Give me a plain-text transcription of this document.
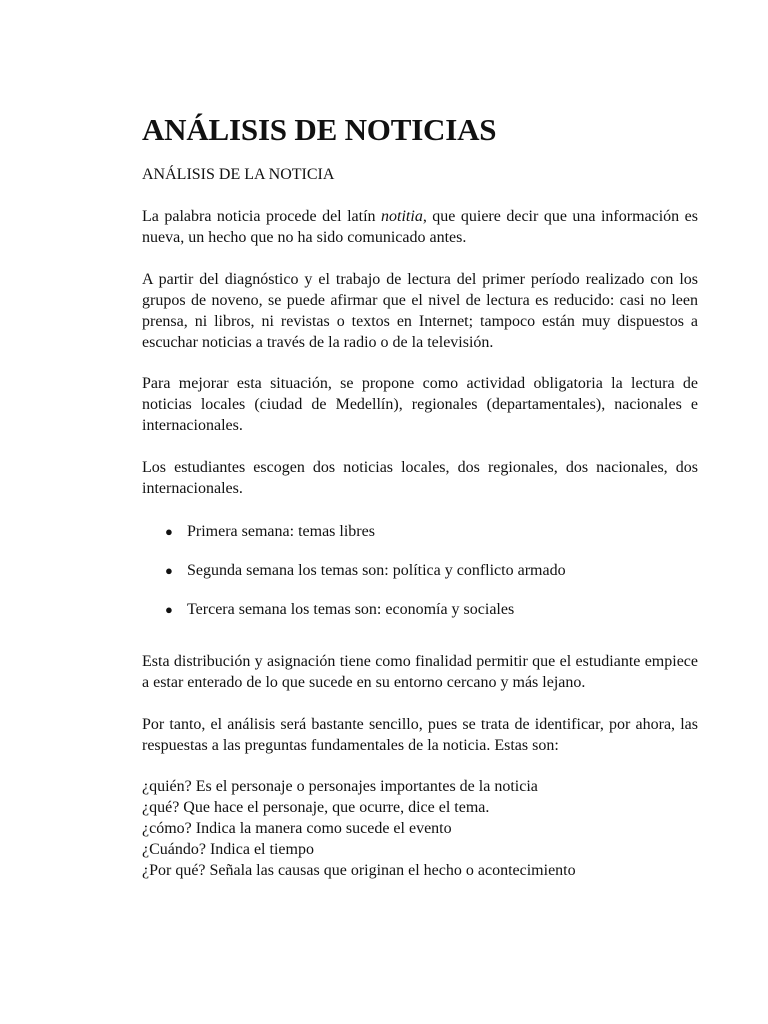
ANÁLISIS DE NOTICIAS

ANÁLISIS DE LA NOTICIA

La palabra noticia procede del latín notitia, que quiere decir que una información es nueva, un hecho que no ha sido comunicado antes.

A partir del diagnóstico y el trabajo de lectura del primer período realizado con los grupos de noveno, se puede afirmar que el nivel de lectura es reducido: casi no leen prensa, ni libros, ni revistas o textos en Internet; tampoco están muy dispuestos a escuchar noticias a través de la radio o de la televisión.

Para mejorar esta situación, se propone como actividad obligatoria la lectura de noticias locales (ciudad de Medellín), regionales (departamentales), nacionales e internacionales.

Los estudiantes escogen dos noticias locales, dos regionales, dos nacionales, dos internacionales.

● Primera semana: temas libres
● Segunda semana los temas son: política y conflicto armado
● Tercera semana los temas son: economía y sociales

Esta distribución y asignación tiene como finalidad permitir que el estudiante empiece a estar enterado de lo que sucede en su entorno cercano y más lejano.

Por tanto, el análisis será bastante sencillo, pues se trata de identificar, por ahora, las respuestas a las preguntas fundamentales de la noticia. Estas son:

¿quién? Es el personaje o personajes importantes de la noticia
¿qué? Que hace el personaje, que ocurre, dice el tema.
¿cómo? Indica la manera como sucede el evento
¿Cuándo? Indica el tiempo
¿Por qué? Señala las causas que originan el hecho o acontecimiento
